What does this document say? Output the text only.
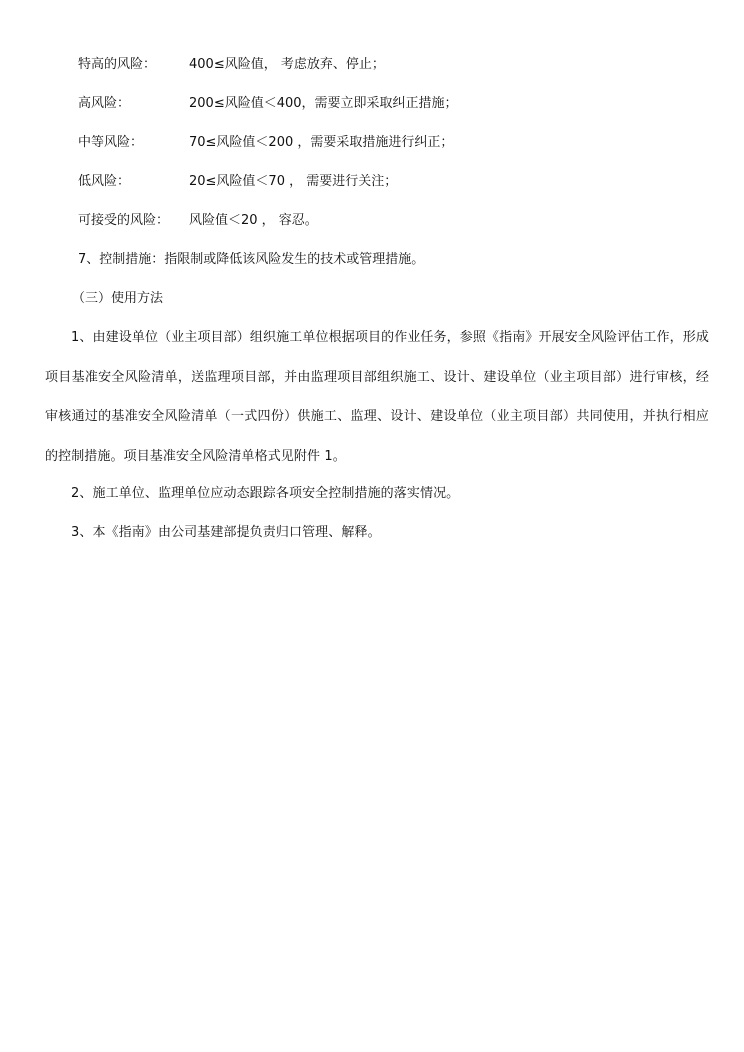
特高的风险：	400≤风险值， 考虑放弃、停止；
高风险：	200≤风险值＜400，需要立即采取纠正措施；
中等风险：	70≤风险值＜200 ，需要采取措施进行纠正；
低风险：	20≤风险值＜70 ， 需要进行关注；
可接受的风险： 风险值＜20 ， 容忍。
7、控制措施：指限制或降低该风险发生的技术或管理措施。
（三）使用方法

1、由建设单位（业主项目部）组织施工单位根据项目的作业任务，参照《指南》开展安全风险评估工作，形成项目基准安全风险清单，送监理项目部，并由监理项目部组织施工、设计、建设单位（业主项目部）进行审核，经审核通过的基准安全风险清单（一式四份）供施工、监理、设计、建设单位（业主项目部）共同使用，并执行相应的控制措施。项目基准安全风险清单格式见附件 1。

2、施工单位、监理单位应动态跟踪各项安全控制措施的落实情况。

3、本《指南》由公司基建部提负责归口管理、解释。
